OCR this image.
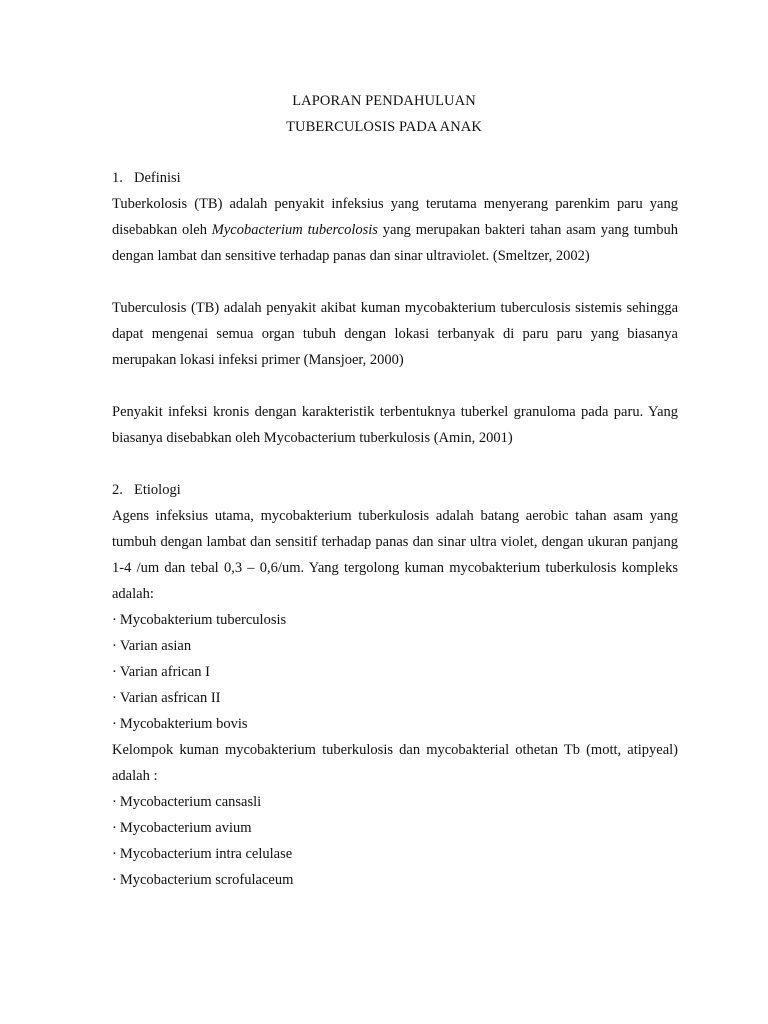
LAPORAN PENDAHULUAN
TUBERCULOSIS PADA ANAK
1. Definisi

Tuberkolosis (TB) adalah penyakit infeksius yang terutama menyerang parenkim paru yang disebabkan oleh Mycobacterium tubercolosis yang merupakan bakteri tahan asam yang tumbuh dengan lambat dan sensitive terhadap panas dan sinar ultraviolet. (Smeltzer, 2002)

Tuberculosis (TB) adalah penyakit akibat kuman mycobakterium tuberculosis sistemis sehingga dapat mengenai semua organ tubuh dengan lokasi terbanyak di paru paru yang biasanya merupakan lokasi infeksi primer (Mansjoer, 2000)

Penyakit infeksi kronis dengan karakteristik terbentuknya tuberkel granuloma pada paru. Yang biasanya disebabkan oleh Mycobacterium tuberkulosis (Amin, 2001)

2. Etiologi

Agens infeksius utama, mycobakterium tuberkulosis adalah batang aerobic tahan asam yang tumbuh dengan lambat dan sensitif terhadap panas dan sinar ultra violet, dengan ukuran panjang 1-4 /um dan tebal 0,3 – 0,6/um. Yang tergolong kuman mycobakterium tuberkulosis kompleks adalah:

· Mycobakterium tuberculosis
· Varian asian
· Varian african I
· Varian asfrican II
· Mycobakterium bovis

Kelompok kuman mycobakterium tuberkulosis dan mycobakterial othetan Tb (mott, atipyeal) adalah :

· Mycobacterium cansasli
· Mycobacterium avium
· Mycobacterium intra celulase
· Mycobacterium scrofulaceum
